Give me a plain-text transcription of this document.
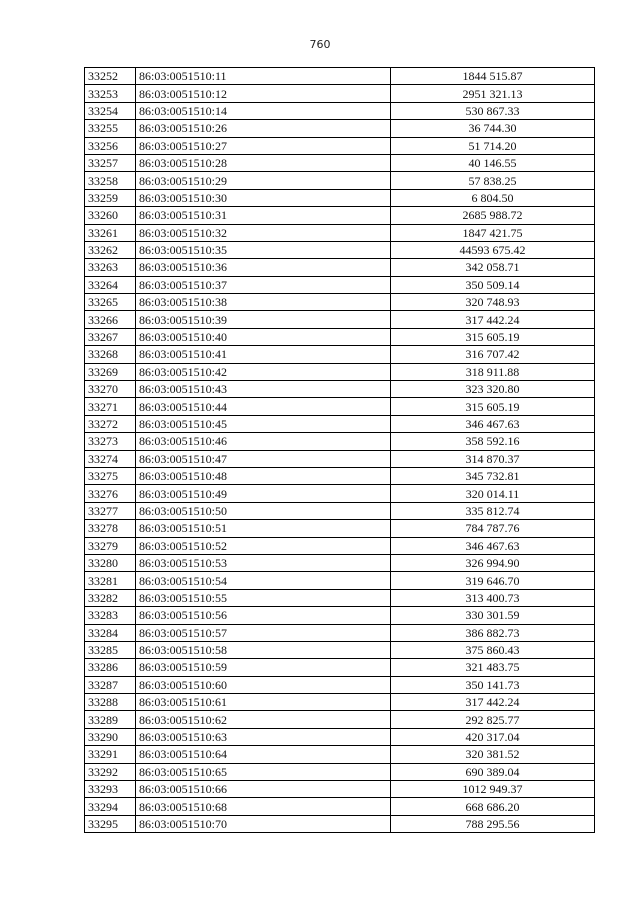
760
33252	86:03:0051510:11	1844 515.87
33253	86:03:0051510:12	2951 321.13
33254	86:03:0051510:14	530 867.33
33255	86:03:0051510:26	36 744.30
33256	86:03:0051510:27	51 714.20
33257	86:03:0051510:28	40 146.55
33258	86:03:0051510:29	57 838.25
33259	86:03:0051510:30	6 804.50
33260	86:03:0051510:31	2685 988.72
33261	86:03:0051510:32	1847 421.75
33262	86:03:0051510:35	44593 675.42
33263	86:03:0051510:36	342 058.71
33264	86:03:0051510:37	350 509.14
33265	86:03:0051510:38	320 748.93
33266	86:03:0051510:39	317 442.24
33267	86:03:0051510:40	315 605.19
33268	86:03:0051510:41	316 707.42
33269	86:03:0051510:42	318 911.88
33270	86:03:0051510:43	323 320.80
33271	86:03:0051510:44	315 605.19
33272	86:03:0051510:45	346 467.63
33273	86:03:0051510:46	358 592.16
33274	86:03:0051510:47	314 870.37
33275	86:03:0051510:48	345 732.81
33276	86:03:0051510:49	320 014.11
33277	86:03:0051510:50	335 812.74
33278	86:03:0051510:51	784 787.76
33279	86:03:0051510:52	346 467.63
33280	86:03:0051510:53	326 994.90
33281	86:03:0051510:54	319 646.70
33282	86:03:0051510:55	313 400.73
33283	86:03:0051510:56	330 301.59
33284	86:03:0051510:57	386 882.73
33285	86:03:0051510:58	375 860.43
33286	86:03:0051510:59	321 483.75
33287	86:03:0051510:60	350 141.73
33288	86:03:0051510:61	317 442.24
33289	86:03:0051510:62	292 825.77
33290	86:03:0051510:63	420 317.04
33291	86:03:0051510:64	320 381.52
33292	86:03:0051510:65	690 389.04
33293	86:03:0051510:66	1012 949.37
33294	86:03:0051510:68	668 686.20
33295	86:03:0051510:70	788 295.56
